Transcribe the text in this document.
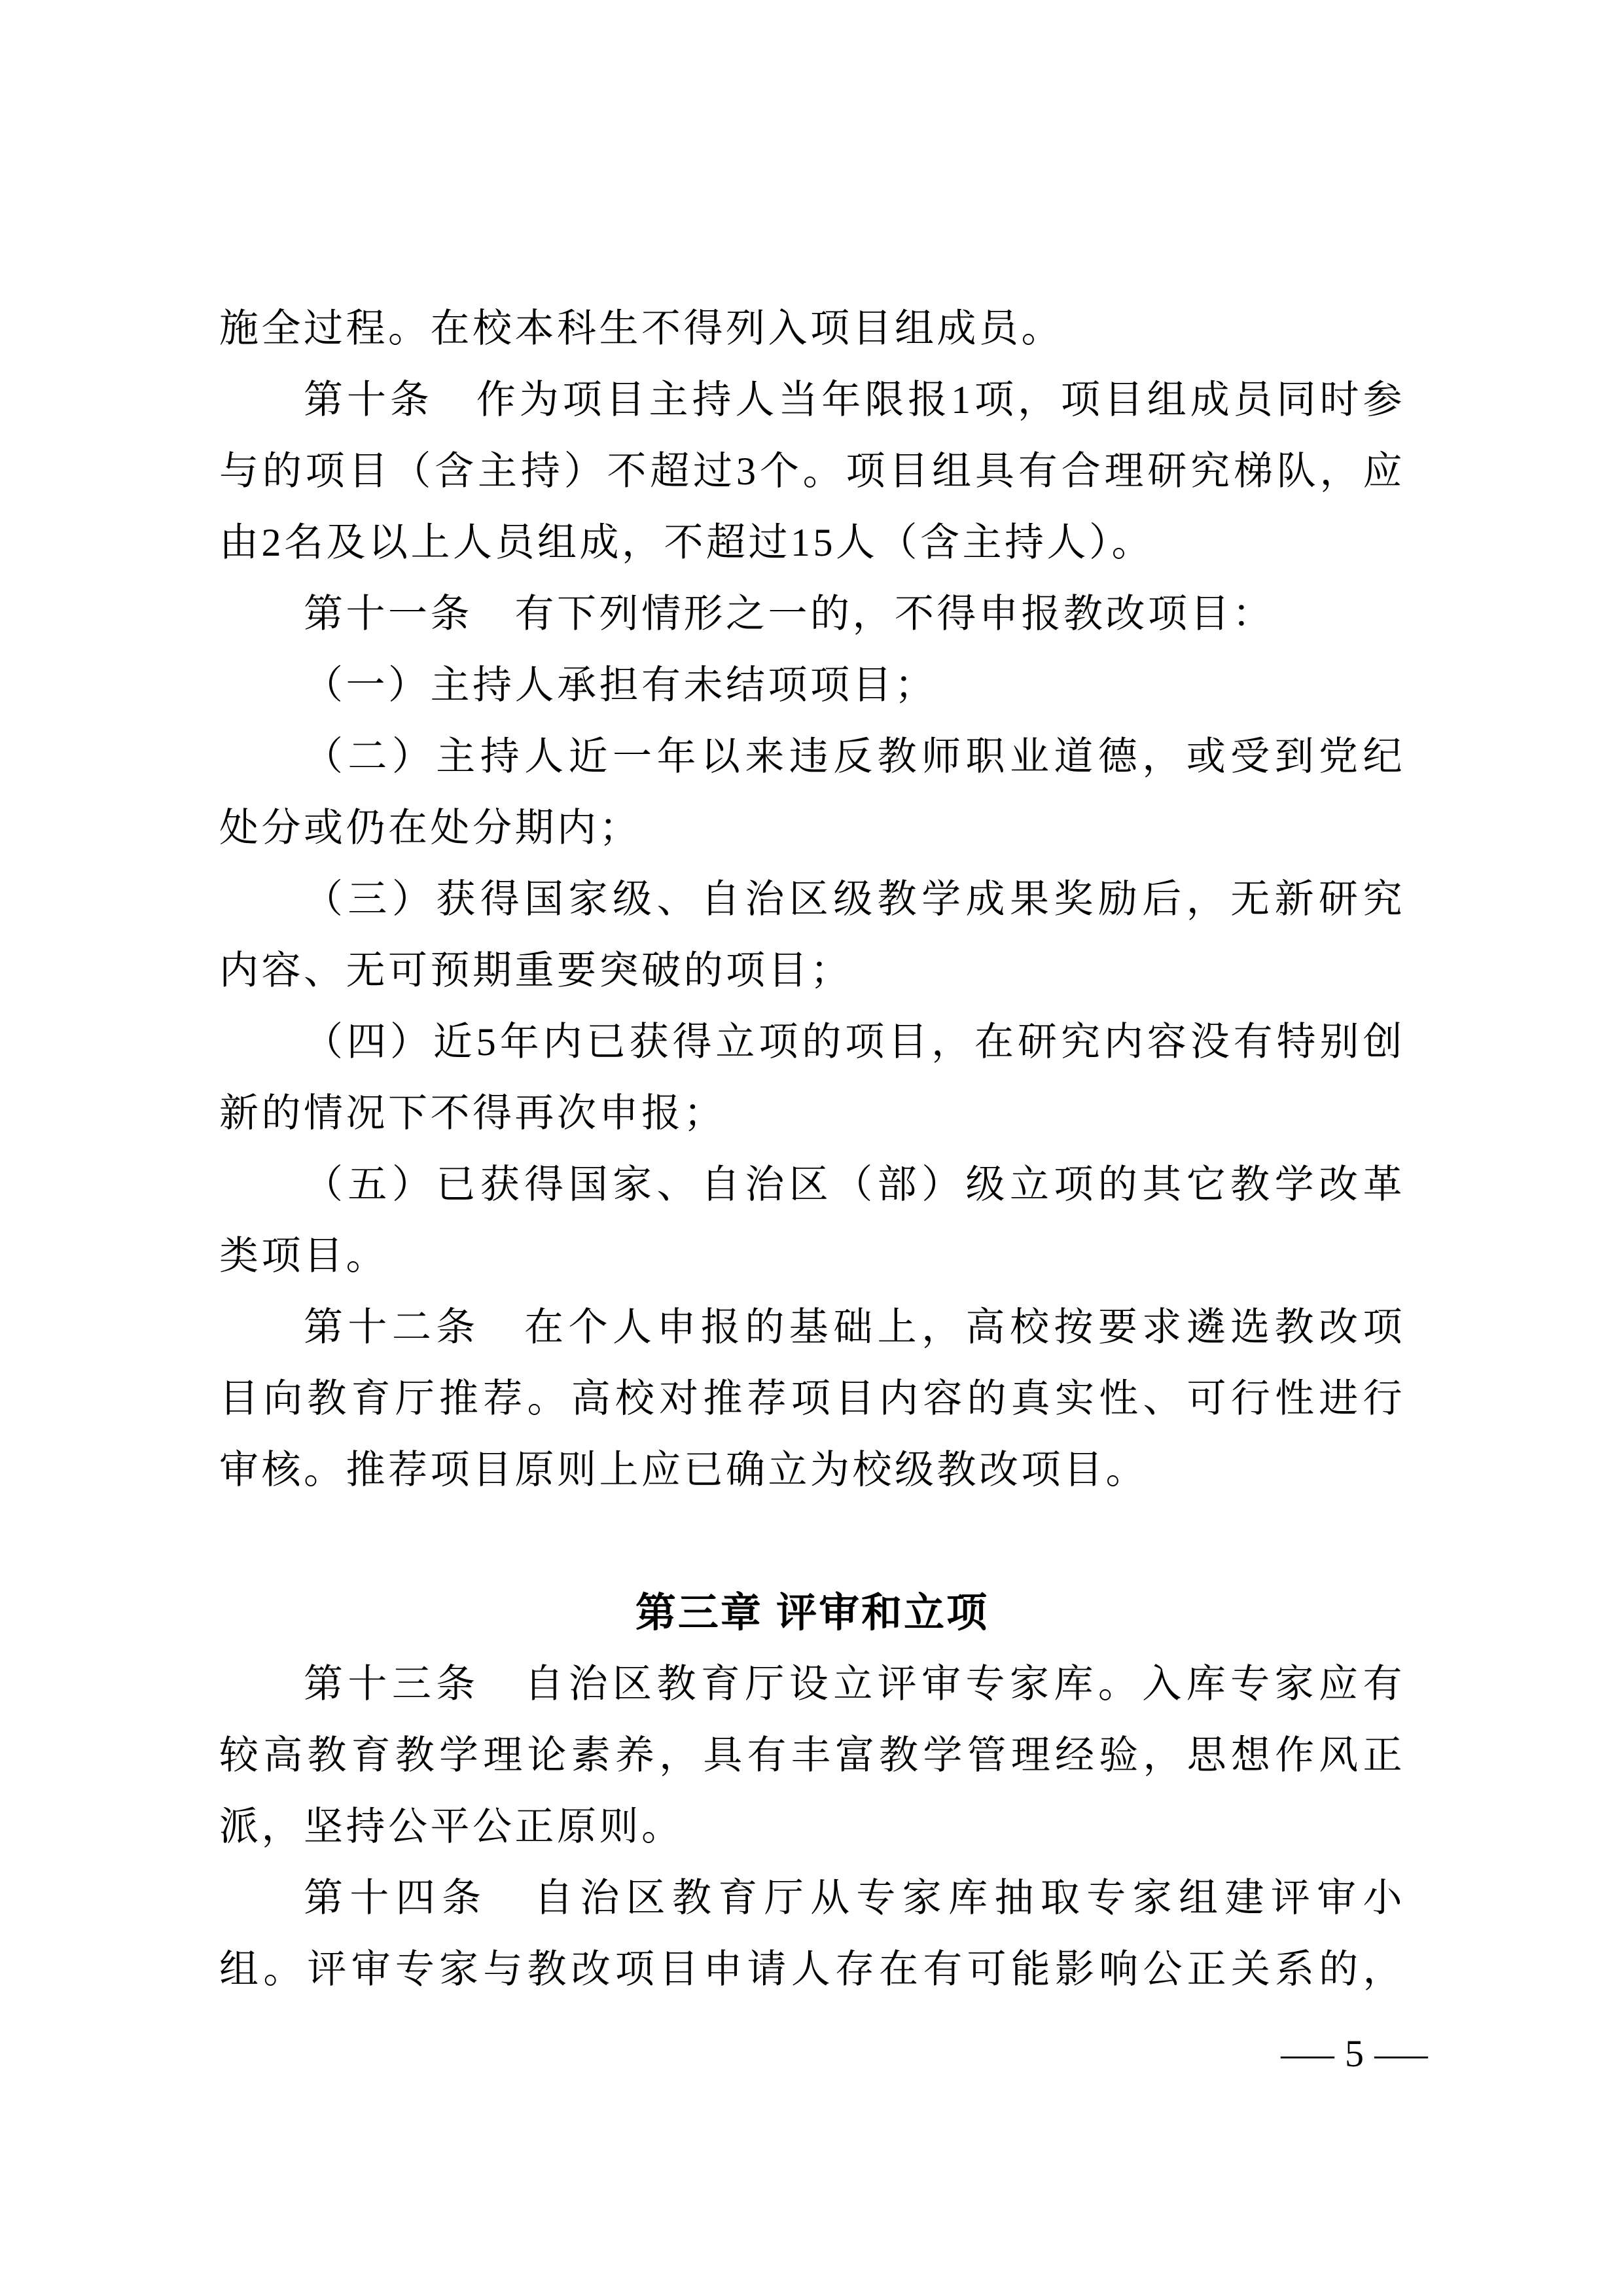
施全过程。在校本科生不得列入项目组成员。
第十条　作为项目主持人当年限报1项，项目组成员同时参
与的项目（含主持）不超过3个。项目组具有合理研究梯队，应
由2名及以上人员组成，不超过15人（含主持人）。
第十一条　有下列情形之一的，不得申报教改项目：
（一）主持人承担有未结项项目；
（二）主持人近一年以来违反教师职业道德，或受到党纪
处分或仍在处分期内；
（三）获得国家级、自治区级教学成果奖励后，无新研究
内容、无可预期重要突破的项目；
（四）近5年内已获得立项的项目，在研究内容没有特别创
新的情况下不得再次申报；
（五）已获得国家、自治区（部）级立项的其它教学改革
类项目。
第十二条　在个人申报的基础上，高校按要求遴选教改项
目向教育厅推荐。高校对推荐项目内容的真实性、可行性进行
审核。推荐项目原则上应已确立为校级教改项目。
第三章 评审和立项
第十三条　自治区教育厅设立评审专家库。入库专家应有
较高教育教学理论素养，具有丰富教学管理经验，思想作风正
派，坚持公平公正原则。
第十四条　自治区教育厅从专家库抽取专家组建评审小
组。评审专家与教改项目申请人存在有可能影响公正关系的，
— 5 —
